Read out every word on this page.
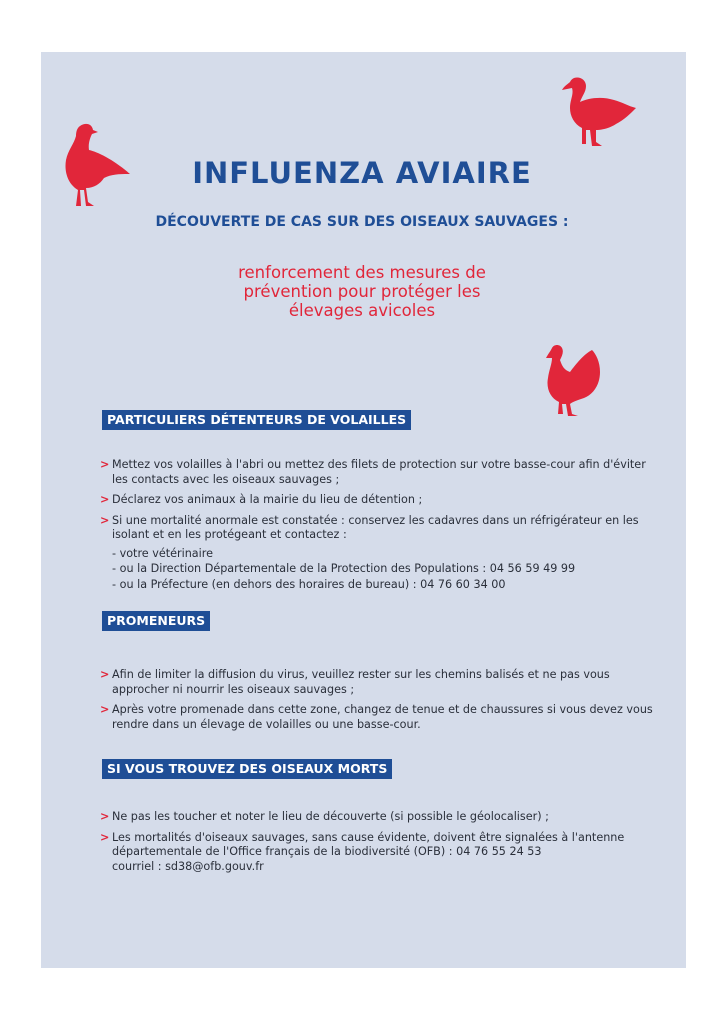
INFLUENZA AVIAIRE
DÉCOUVERTE DE CAS SUR DES OISEAUX SAUVAGES :

renforcement des mesures de
prévention pour protéger les
élevages avicoles

PARTICULIERS DÉTENTEURS DE VOLAILLES
> Mettez vos volailles à l'abri ou mettez des filets de protection sur votre basse-cour afin d'éviter les contacts avec les oiseaux sauvages ;
> Déclarez vos animaux à la mairie du lieu de détention ;
> Si une mortalité anormale est constatée : conservez les cadavres dans un réfrigérateur en les isolant et en les protégeant et contactez :
- votre vétérinaire
- ou la Direction Départementale de la Protection des Populations : 04 56 59 49 99
- ou la Préfecture (en dehors des horaires de bureau) : 04 76 60 34 00
PROMENEURS
> Afin de limiter la diffusion du virus, veuillez rester sur les chemins balisés et ne pas vous approcher ni nourrir les oiseaux sauvages ;
> Après votre promenade dans cette zone, changez de tenue et de chaussures si vous devez vous rendre dans un élevage de volailles ou une basse-cour.
SI VOUS TROUVEZ DES OISEAUX MORTS
> Ne pas les toucher et noter le lieu de découverte (si possible le géolocaliser) ;
> Les mortalités d'oiseaux sauvages, sans cause évidente, doivent être signalées à l'antenne départementale de l'Office français de la biodiversité (OFB) : 04 76 55 24 53
courriel : sd38@ofb.gouv.fr
